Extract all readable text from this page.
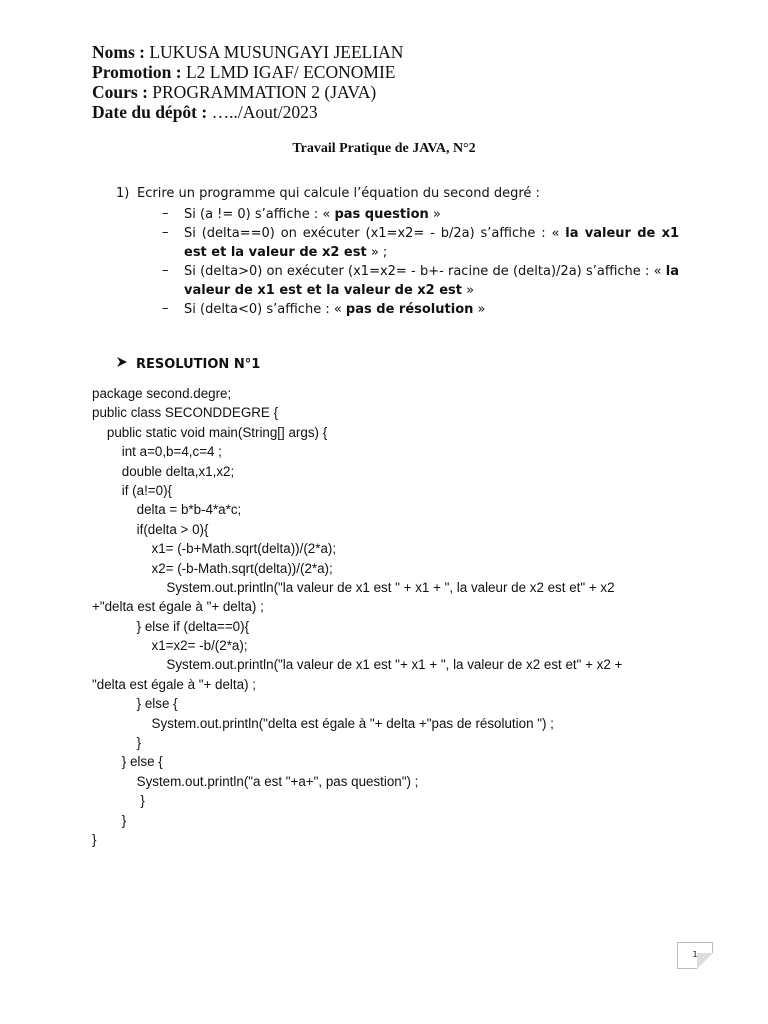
Noms : LUKUSA MUSUNGAYI JEELIAN
Promotion : L2 LMD IGAF/ ECONOMIE
Cours : PROGRAMMATION 2 (JAVA)
Date du dépôt : …../Aout/2023
Travail Pratique de JAVA, N°2
1) Ecrire un programme qui calcule l’équation du second degré :
– Si (a != 0) s’affiche : « pas question »
– Si (delta==0) on exécuter (x1=x2= - b/2a) s’affiche : « la valeur de x1 est et la valeur de x2 est » ;
– Si (delta>0) on exécuter (x1=x2= - b+- racine de (delta)/2a) s’affiche : « la valeur de x1 est et la valeur de x2 est »
– Si (delta<0) s’affiche : « pas de résolution »
RESOLUTION N°1
package second.degre;
public class SECONDDEGRE {
public static void main(String[] args) {
int a=0,b=4,c=4 ;
double delta,x1,x2;
if (a!=0){
delta = b*b-4*a*c;
if(delta > 0){
x1= (-b+Math.sqrt(delta))/(2*a);
x2= (-b-Math.sqrt(delta))/(2*a);
System.out.println("la valeur de x1 est " + x1 + ", la valeur de x2 est et" + x2
+"delta est égale à "+ delta) ;
} else if (delta==0){
x1=x2= -b/(2*a);
System.out.println("la valeur de x1 est "+ x1 + ", la valeur de x2 est et" + x2 +
"delta est égale à "+ delta) ;
} else {
System.out.println("delta est égale à "+ delta +"pas de résolution ") ;
}
} else {
System.out.println("a est "+a+", pas question") ;
}
}
}
1
